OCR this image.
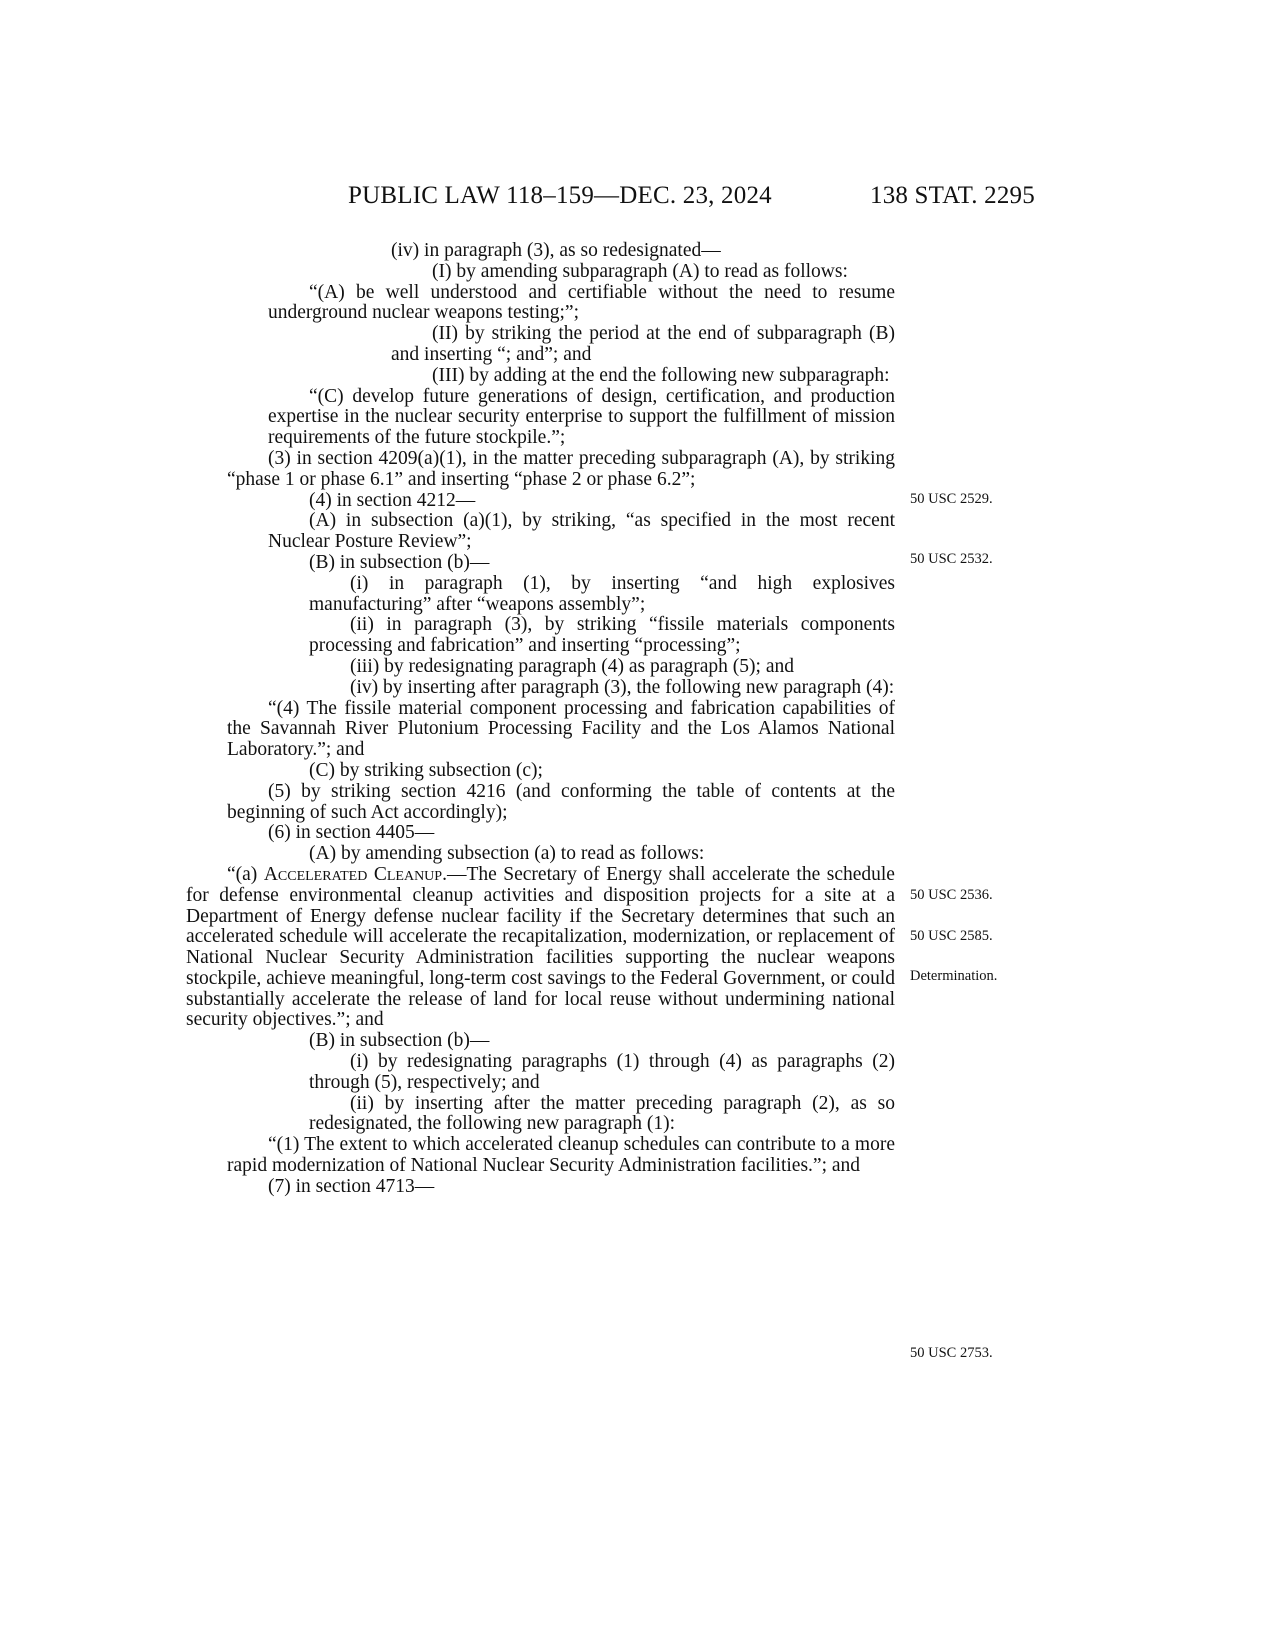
PUBLIC LAW 118–159—DEC. 23, 2024	138 STAT. 2295

(iv) in paragraph (3), as so redesignated—

(I) by amending subparagraph (A) to read as follows:

“(A) be well understood and certifiable without the need to resume underground nuclear weapons testing;”;

(II) by striking the period at the end of subparagraph (B) and inserting “; and”; and

(III) by adding at the end the following new subparagraph:

“(C) develop future generations of design, certification, and production expertise in the nuclear security enterprise to support the fulfillment of mission requirements of the future stockpile.”;

(3) in section 4209(a)(1), in the matter preceding subparagraph (A), by striking “phase 1 or phase 6.1” and inserting “phase 2 or phase 6.2”;

(4) in section 4212—

(A) in subsection (a)(1), by striking, “as specified in the most recent Nuclear Posture Review”;

(B) in subsection (b)—

(i) in paragraph (1), by inserting “and high explosives manufacturing” after “weapons assembly”;

(ii) in paragraph (3), by striking “fissile materials components processing and fabrication” and inserting “processing”;

(iii) by redesignating paragraph (4) as paragraph (5); and

(iv) by inserting after paragraph (3), the following new paragraph (4):

“(4) The fissile material component processing and fabrication capabilities of the Savannah River Plutonium Processing Facility and the Los Alamos National Laboratory.”; and

(C) by striking subsection (c);

(5) by striking section 4216 (and conforming the table of contents at the beginning of such Act accordingly);

(6) in section 4405—

(A) by amending subsection (a) to read as follows:

“(a) Accelerated Cleanup.—The Secretary of Energy shall accelerate the schedule for defense environmental cleanup activities and disposition projects for a site at a Department of Energy defense nuclear facility if the Secretary determines that such an accelerated schedule will accelerate the recapitalization, modernization, or replacement of National Nuclear Security Administration facilities supporting the nuclear weapons stockpile, achieve meaningful, long-term cost savings to the Federal Government, or could substantially accelerate the release of land for local reuse without undermining national security objectives.”; and

(B) in subsection (b)—

(i) by redesignating paragraphs (1) through (4) as paragraphs (2) through (5), respectively; and

(ii) by inserting after the matter preceding paragraph (2), as so redesignated, the following new paragraph (1):

“(1) The extent to which accelerated cleanup schedules can contribute to a more rapid modernization of National Nuclear Security Administration facilities.”; and

(7) in section 4713—

50 USC 2529.
50 USC 2532.
50 USC 2536.
50 USC 2585.
Determination.
50 USC 2753.
